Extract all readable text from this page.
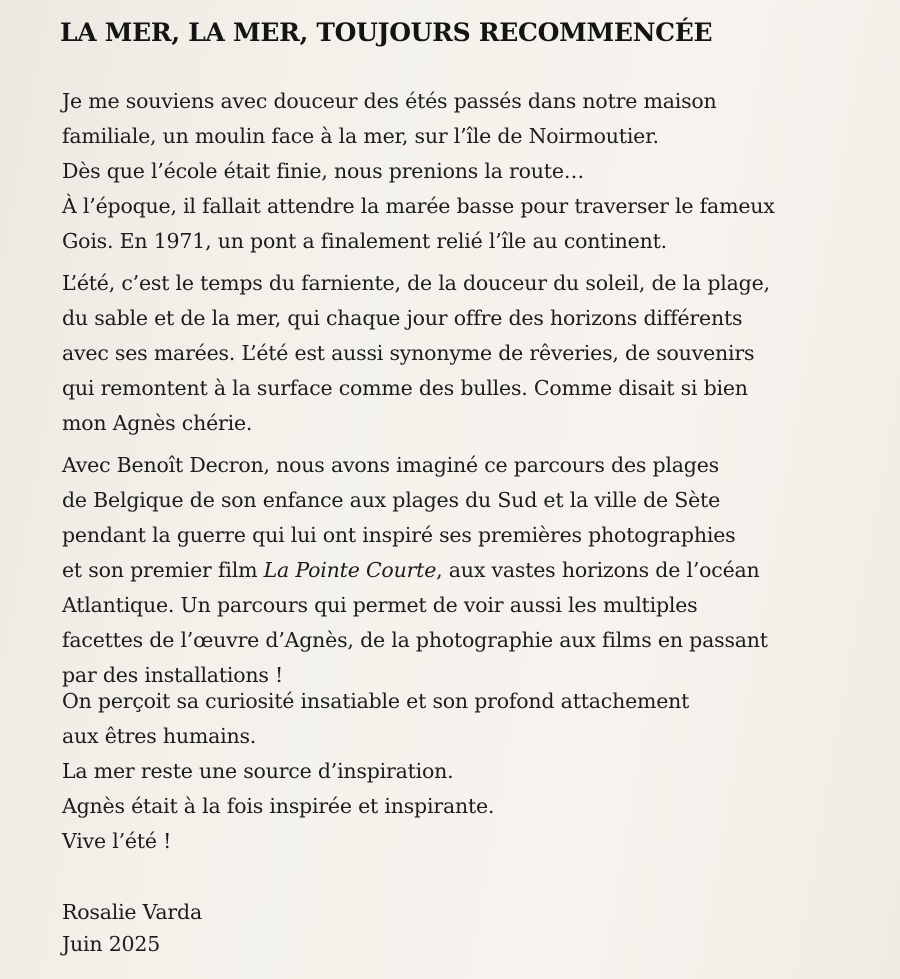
LA MER, LA MER, TOUJOURS RECOMMENCÉE

Je me souviens avec douceur des étés passés dans notre maison
familiale, un moulin face à la mer, sur l’île de Noirmoutier.
Dès que l’école était finie, nous prenions la route…
À l’époque, il fallait attendre la marée basse pour traverser le fameux
Gois. En 1971, un pont a finalement relié l’île au continent.

L’été, c’est le temps du farniente, de la douceur du soleil, de la plage,
du sable et de la mer, qui chaque jour offre des horizons différents
avec ses marées. L’été est aussi synonyme de rêveries, de souvenirs
qui remontent à la surface comme des bulles. Comme disait si bien
mon Agnès chérie.

Avec Benoît Decron, nous avons imaginé ce parcours des plages
de Belgique de son enfance aux plages du Sud et la ville de Sète
pendant la guerre qui lui ont inspiré ses premières photographies
et son premier film La Pointe Courte, aux vastes horizons de l’océan
Atlantique. Un parcours qui permet de voir aussi les multiples
facettes de l’œuvre d’Agnès, de la photographie aux films en passant
par des installations !

On perçoit sa curiosité insatiable et son profond attachement
aux êtres humains.
La mer reste une source d’inspiration.
Agnès était à la fois inspirée et inspirante.
Vive l’été !

Rosalie Varda
Juin 2025
